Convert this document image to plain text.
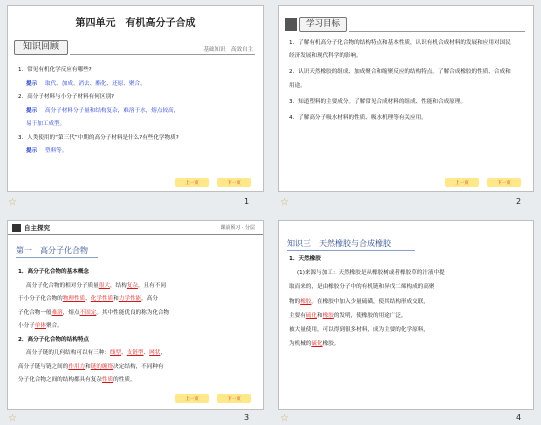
第四单元　有机高分子合成
知识回顾	基础知识　高效自主
1．常见有机化学反应有哪些?
提示 取代、加成、消去、酯化、还原、聚合。
2．高分子材料与小分子材料有何区别?
提示 高分子材料分子量和结构复杂，难溶于水，熔点较高，
易于加工成型。
3．人类使用的“第三代”中期的高分子材料是什么?有些化学物质?
提示 塑料等。
上一页	下一页
☆	1
学习目标
1．了解有机高分子化合物的结构特点和基本性质，认识有机合成材料的发展和应用对国民经济发展和现代科学的影响。
2．认识天然橡胶的组成、加成聚合和缩聚反应的结构特点。了解合成橡胶的性质、合成和用途。
3．知道塑料的主要成分。了解常见合成材料的组成、性能和合成原理。
4．了解高分子吸水材料的性质、吸水机理等有关应用。
上一页	下一页
☆	2
自主探究	课前预习 · 分层
第一　高分子化合物
1．高分子化合物的基本概念
高分子化合物的相对分子质量很大，结构复杂，且有不同
于小分子化合物的物理性质、化学性质和力学性能。高分
子化合物一般难溶，熔点不固定。其中性能优良的称为化合物
小分子单体聚合。
2．高分子化合物的结构特点
高分子链的几何结构可以有三种：线型、支链型、网状，
高分子链与链之间的作用力和链的缠绕决定结构，不同种有
分子化合物之间的结构都具有复杂性质的性质。
上一页	下一页
☆	3
知识三　天然橡胶与合成橡胶
1．天然橡胶
(1)来源与加工：天然橡胶是从橡胶树或者橡胶草的汁液中提
取而来的，是由橡胶分子中的有机链和异戊二烯构成的高聚
物的橡胶。在橡胶中加入少量硫磺，使其结构形成交联，
主要有硫化和橡胶的发明，使橡胶的用途广泛，
被大量使用，可以得到很多材料，成为主要的化学原料，
为机械的硫化橡胶。
☆	4
